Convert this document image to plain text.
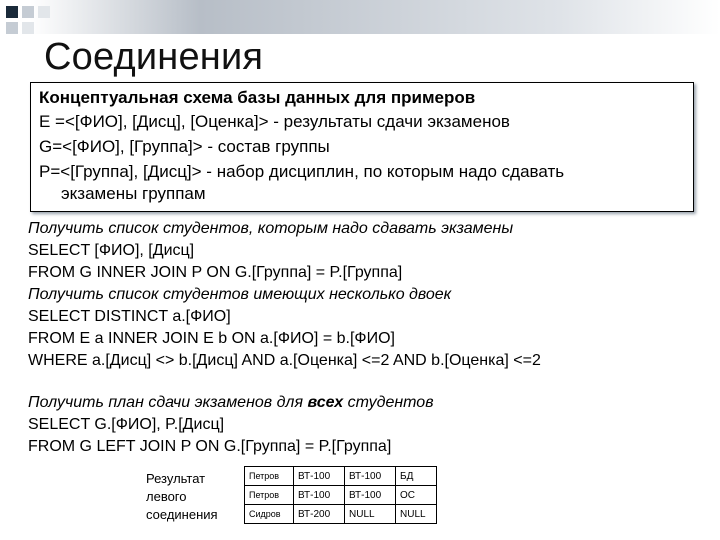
Соединения
Концептуальная схема базы данных для примеров
E =<[ФИО], [Дисц], [Оценка]> - результаты сдачи экзаменов
G=<[ФИО], [Группа]> - состав группы
P=<[Группа], [Дисц]> - набор дисциплин, по которым надо сдавать
экзамены группам
Получить список студентов, которым надо сдавать экзамены
SELECT [ФИО], [Дисц]
FROM G INNER JOIN P ON G.[Группа] = P.[Группа]
Получить список студентов имеющих несколько двоек
SELECT DISTINCT a.[ФИО]
FROM E a INNER JOIN E b ON a.[ФИО] = b.[ФИО]
WHERE a.[Дисц] <> b.[Дисц] AND a.[Оценка] <=2 AND b.[Оценка] <=2
Получить план сдачи экзаменов для всех студентов
SELECT G.[ФИО], P.[Дисц]
FROM G LEFT JOIN P ON G.[Группа] = P.[Группа]
Результат
левого
соединения
Петров	ВТ-100	ВТ-100	БД
Петров	ВТ-100	ВТ-100	ОС
Сидров	ВТ-200	NULL	NULL
